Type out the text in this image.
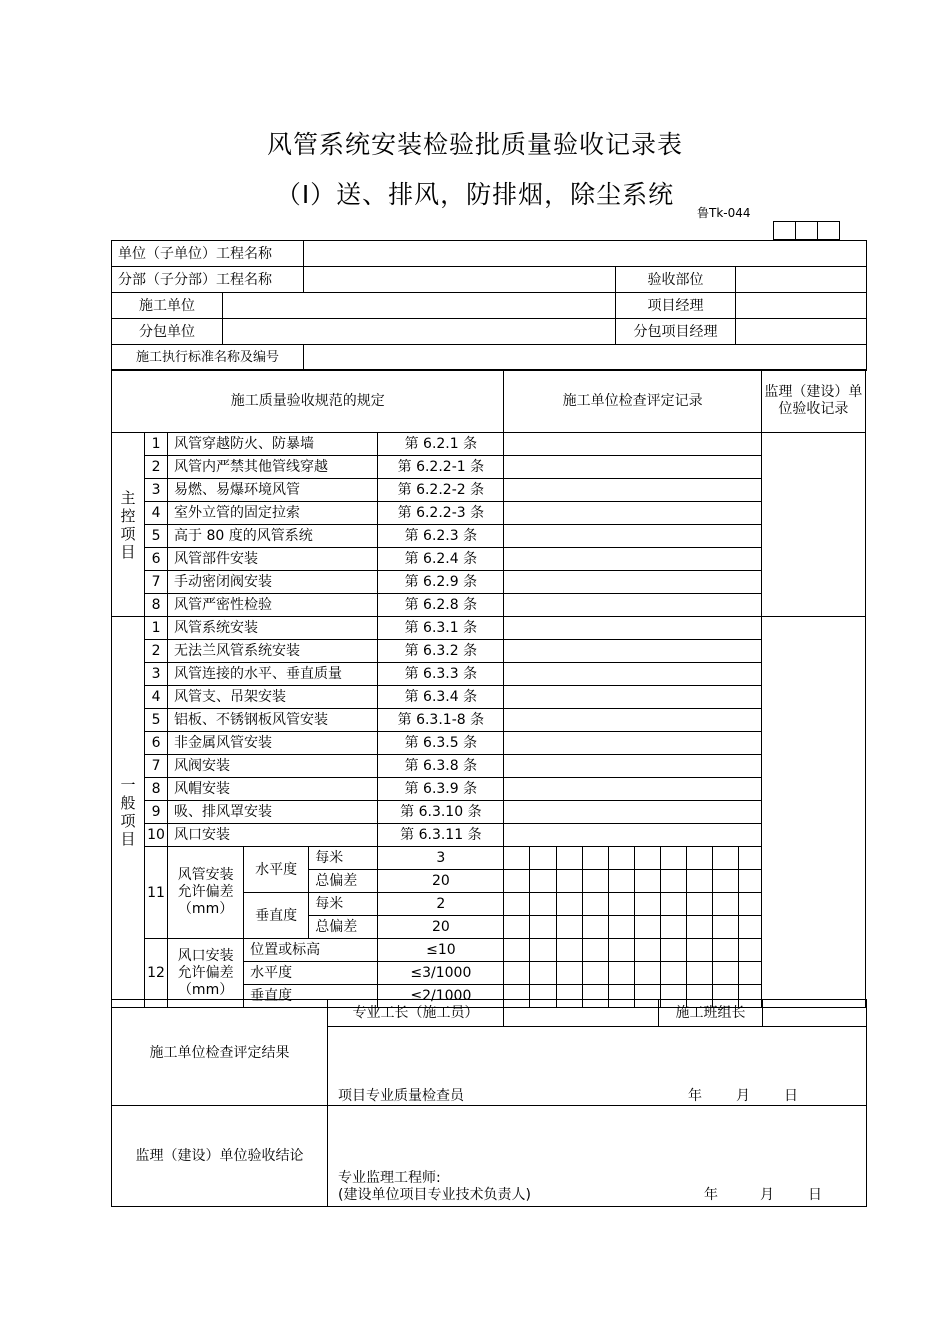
风管系统安装检验批质量验收记录表
（Ⅰ）送、排风，防排烟，除尘系统
鲁Tk-044

单位（子单位）工程名称				
分部（子分部）工程名称			验收部位	
施工单位			项目经理	
分包单位			分包项目经理	
施工执行标准名称及编号				
施工质量验收规范的规定						施工单位检查评定记录										监理（建设）单位验收记录
主控项目	1	风管穿越防火、防暴墙			第 6.2.1 条											
	2	风管内严禁其他管线穿越			第 6.2.2-1 条											
	3	易燃、易爆环境风管			第 6.2.2-2 条											
	4	室外立管的固定拉索			第 6.2.2-3 条											
	5	高于 80 度的风管系统			第 6.2.3 条											
	6	风管部件安装			第 6.2.4 条											
	7	手动密闭阀安装			第 6.2.9 条											
	8	风管严密性检验			第 6.2.8 条											
一般项目	1	风管系统安装			第 6.3.1 条											
	2	无法兰风管系统安装			第 6.3.2 条											
	3	风管连接的水平、垂直质量			第 6.3.3 条											
	4	风管支、吊架安装			第 6.3.4 条											
	5	铝板、不锈钢板风管安装			第 6.3.1-8 条											
	6	非金属风管安装			第 6.3.5 条											
	7	风阀安装			第 6.3.8 条											
	8	风帽安装			第 6.3.9 条											
	9	吸、排风罩安装			第 6.3.10 条											
	10	风口安装			第 6.3.11 条											
	11	风管安装允许偏差（mm）	水平度	每米	3											
				总偏差	20											
			垂直度	每米	2											
				总偏差	20											
	12	风口安装允许偏差（mm）	位置或标高		≤10											
			水平度		≤3/1000											
			垂直度		≤2/1000											
施工单位检查评定结果	专业工长（施工员）		施工班组长	

	项目专业质量检查员 年 月 日			

监理（建设）单位验收结论	专业监理工程师:
(建设单位项目专业技术负责人) 年 月 日			
